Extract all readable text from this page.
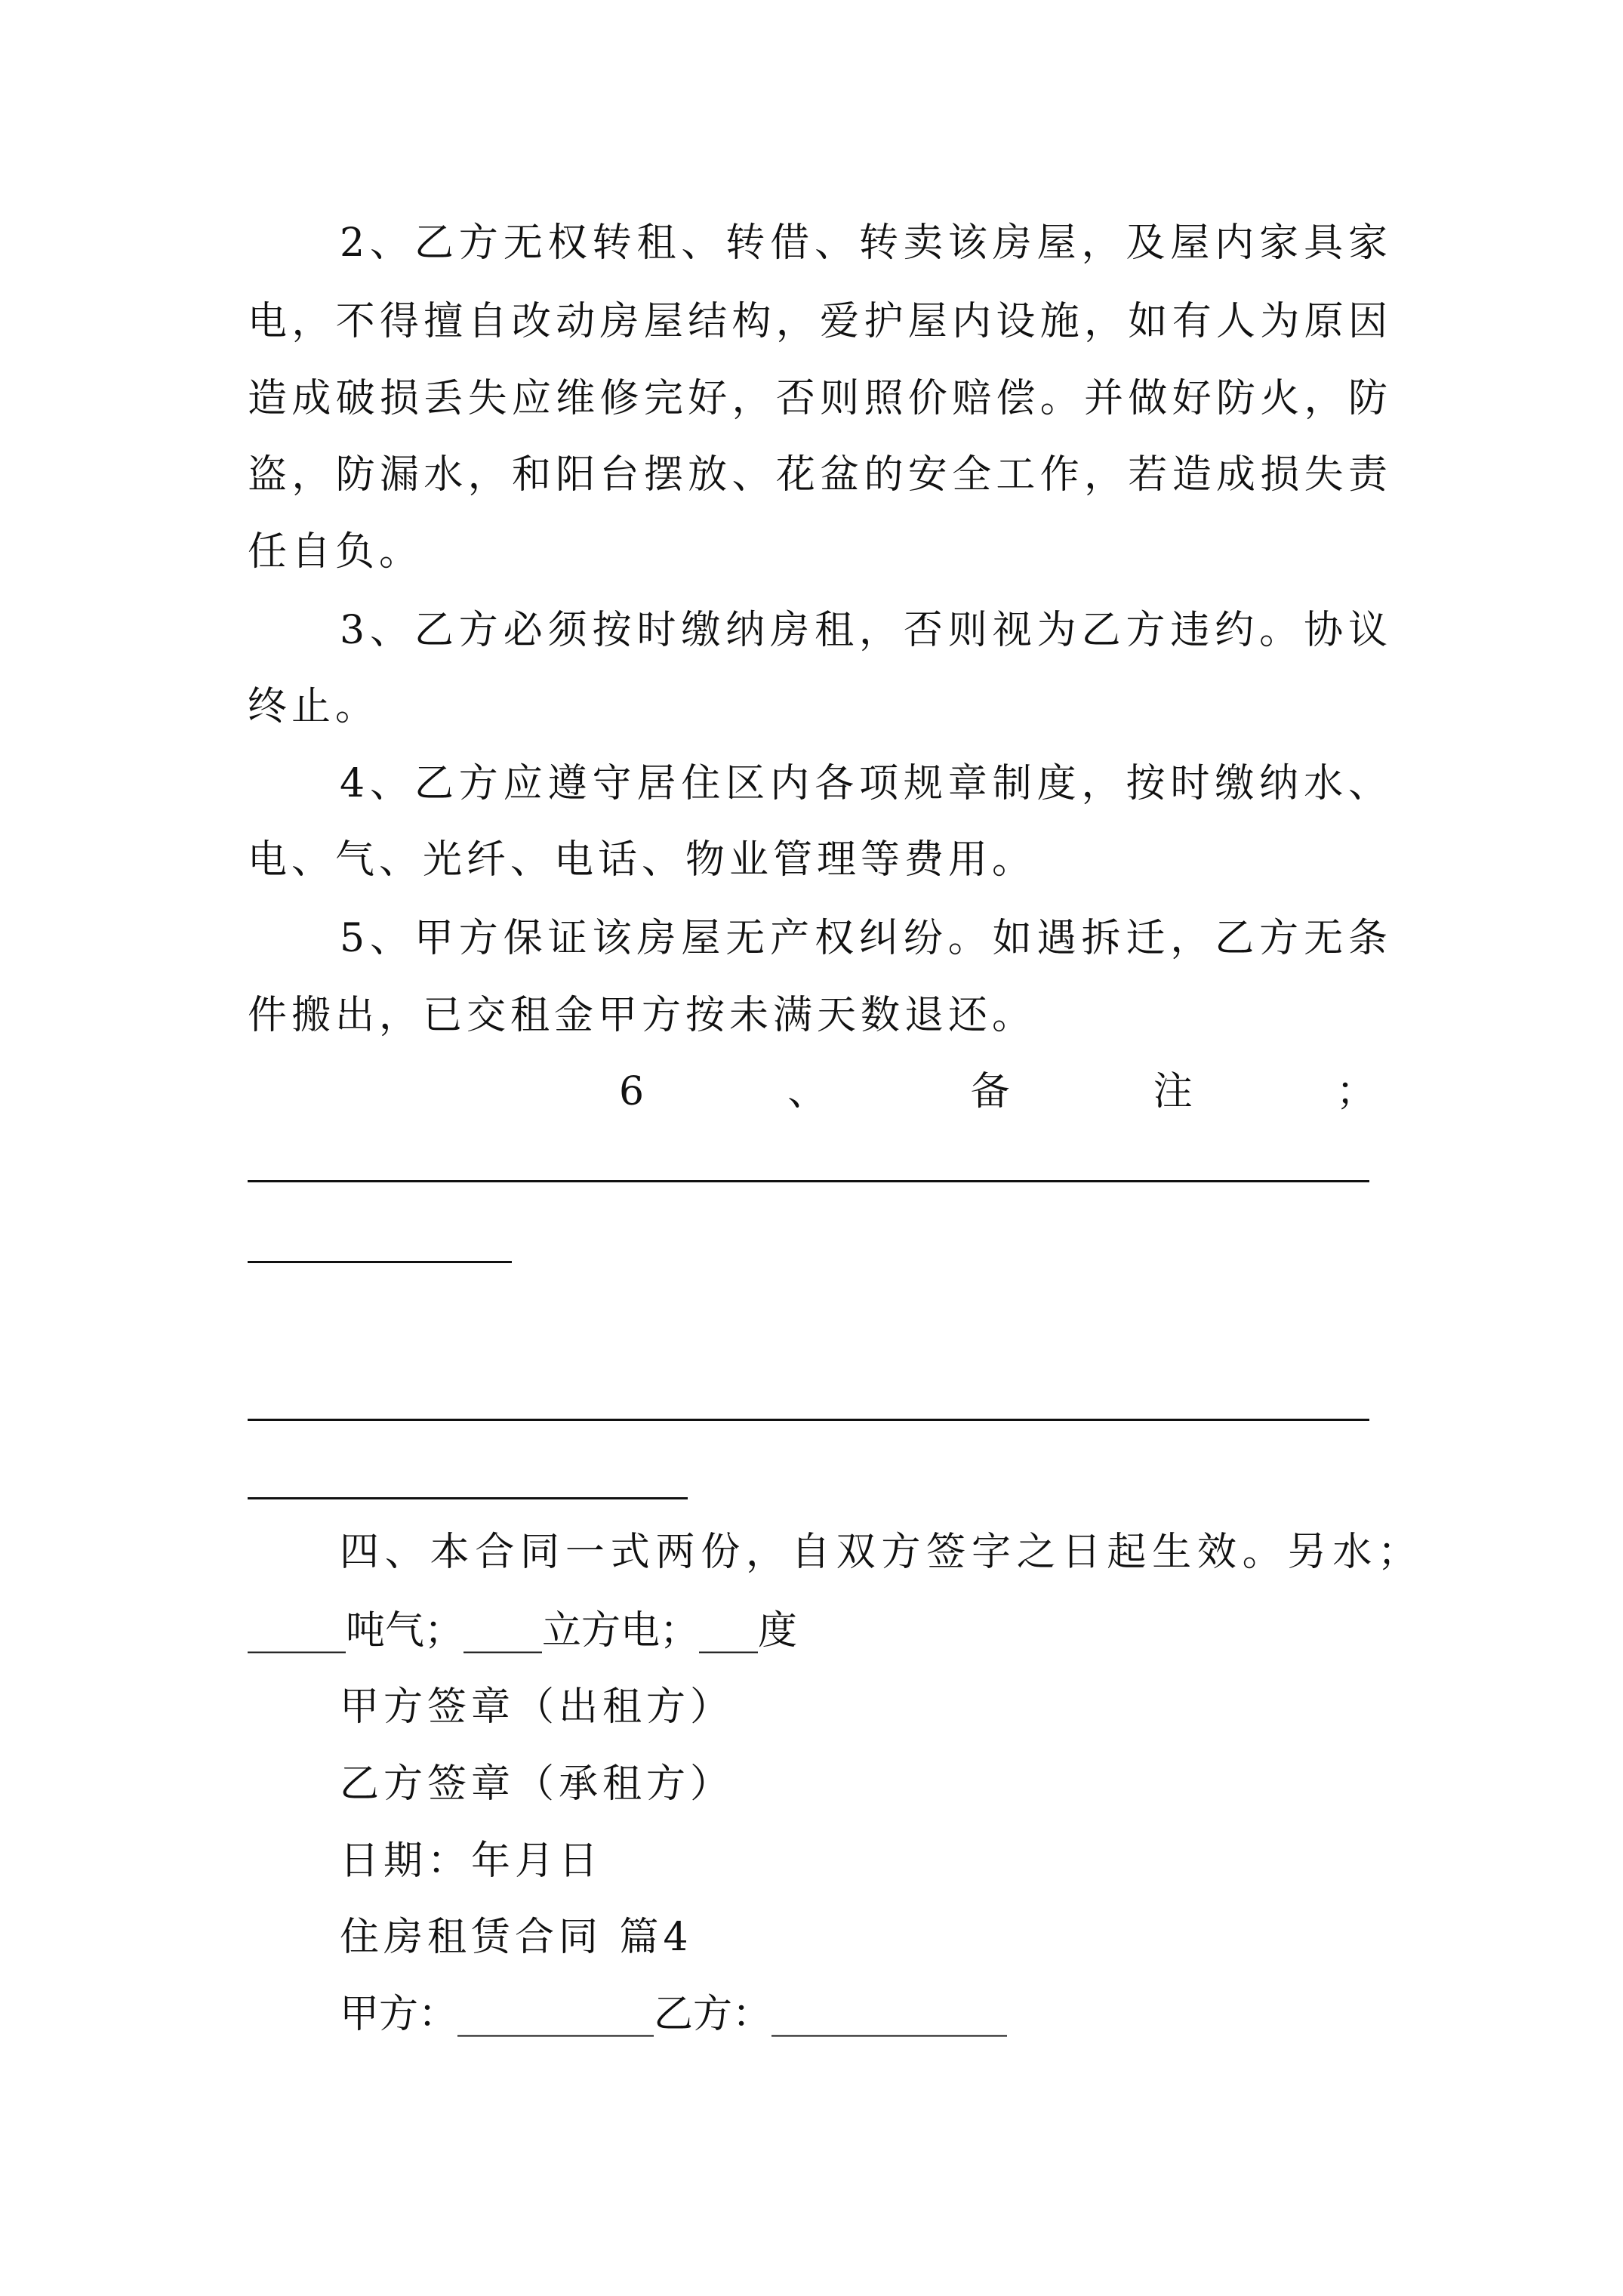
2、乙方无权转租、转借、转卖该房屋，及屋内家具家
电，不得擅自改动房屋结构，爱护屋内设施，如有人为原因
造成破损丢失应维修完好，否则照价赔偿。并做好防火，防
盗，防漏水，和阳台摆放、花盆的安全工作，若造成损失责
任自负。
3、乙方必须按时缴纳房租，否则视为乙方违约。协议
终止。
4、乙方应遵守居住区内各项规章制度，按时缴纳水、
电、气、光纤、电话、物业管理等费用。
5、甲方保证该房屋无产权纠纷。如遇拆迁，乙方无条
件搬出，已交租金甲方按未满天数退还。
6	、	备	注	；
四、本合同一式两份，自双方签字之日起生效。另水；
_____吨气；____立方电；___度
甲方签章（出租方）
乙方签章（承租方）
日期：年月日
住房租赁合同 篇4
甲方：__________乙方：____________
